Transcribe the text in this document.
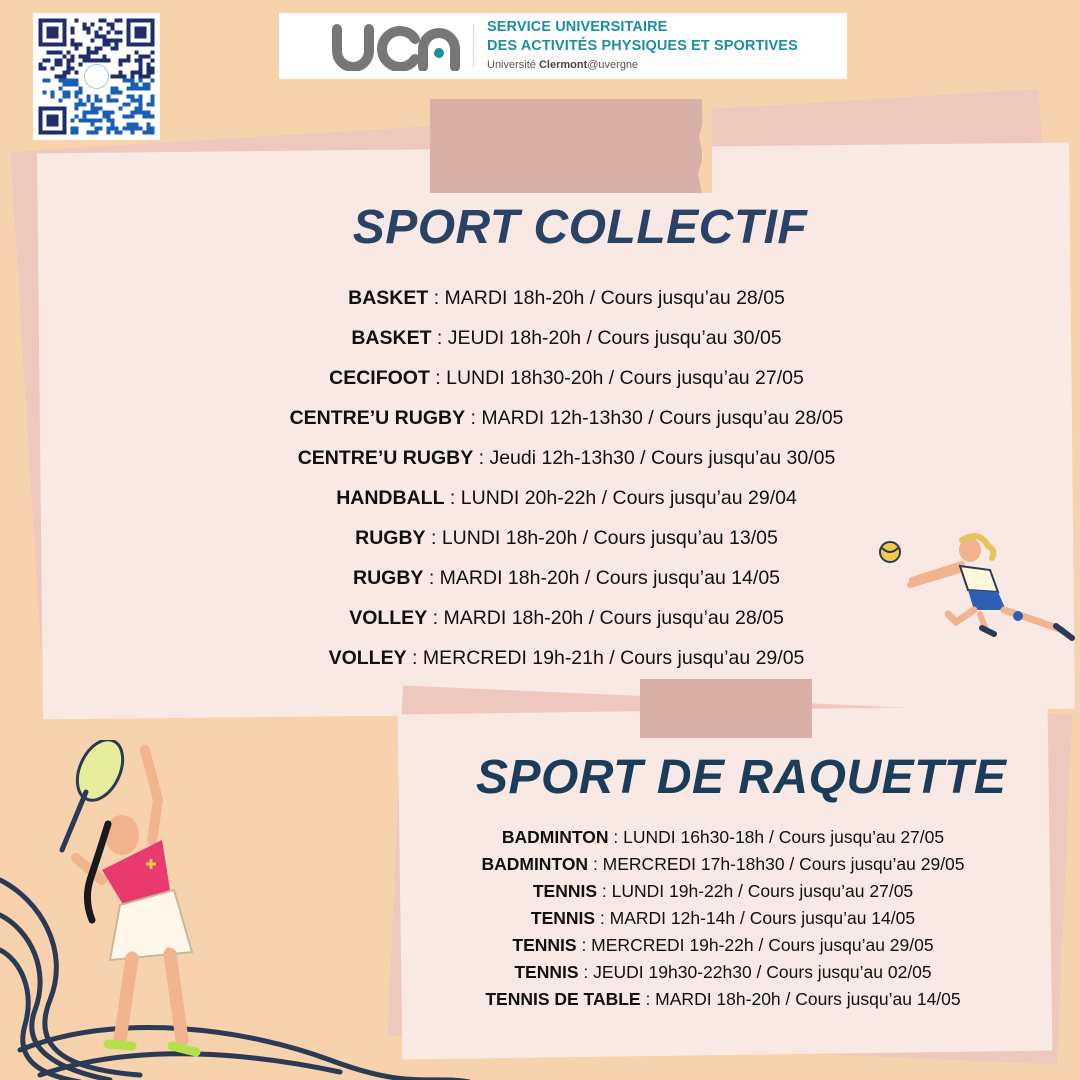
SERVICE UNIVERSITAIRE
DES ACTIVITÉS PHYSIQUES ET SPORTIVES
Université Clermont@uvergne
SPORT COLLECTIF
BASKET : MARDI 18h-20h / Cours jusqu’au 28/05
BASKET : JEUDI 18h-20h / Cours jusqu’au 30/05
CECIFOOT : LUNDI 18h30-20h / Cours jusqu’au 27/05
CENTRE’U RUGBY : MARDI 12h-13h30 / Cours jusqu’au 28/05
CENTRE’U RUGBY : Jeudi 12h-13h30 / Cours jusqu’au 30/05
HANDBALL : LUNDI 20h-22h / Cours jusqu’au 29/04
RUGBY : LUNDI 18h-20h / Cours jusqu’au 13/05
RUGBY : MARDI 18h-20h / Cours jusqu’au 14/05
VOLLEY : MARDI 18h-20h / Cours jusqu’au 28/05
VOLLEY : MERCREDI 19h-21h / Cours jusqu’au 29/05
SPORT DE RAQUETTE
BADMINTON : LUNDI 16h30-18h / Cours jusqu’au 27/05
BADMINTON : MERCREDI 17h-18h30 / Cours jusqu’au 29/05
TENNIS : LUNDI 19h-22h / Cours jusqu’au 27/05
TENNIS : MARDI 12h-14h / Cours jusqu’au 14/05
TENNIS : MERCREDI 19h-22h / Cours jusqu’au 29/05
TENNIS : JEUDI 19h30-22h30 / Cours jusqu’au 02/05
TENNIS DE TABLE : MARDI 18h-20h / Cours jusqu’au 14/05
